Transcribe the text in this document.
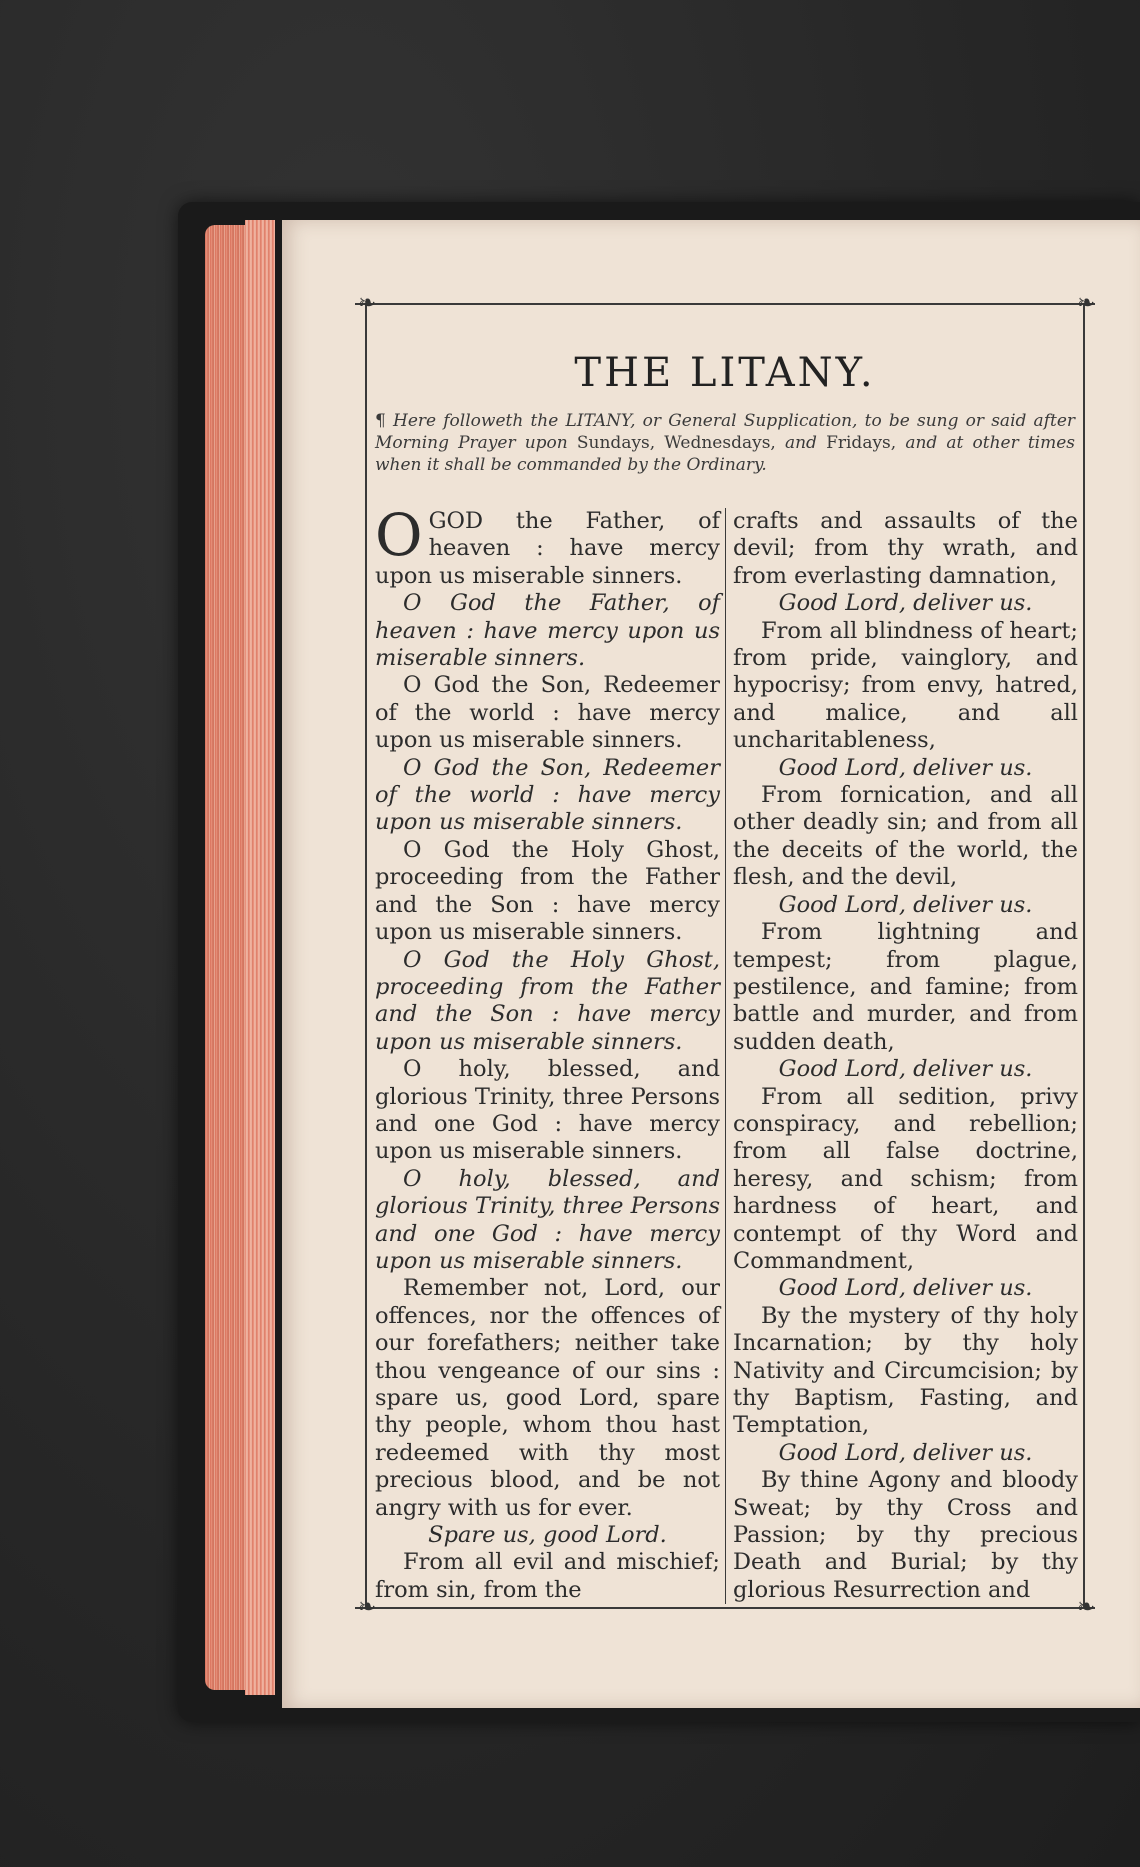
❧	❧
❧	❧
THE LITANY.
¶ Here followeth the LITANY, or General Supplication, to be sung or said after Morning Prayer upon Sundays, Wednesdays, and Fridays, and at other times when it shall be commanded by the Ordinary.

OGOD the Father, of heaven : have mercy upon us miserable sinners.

O God the Father, of heaven : have mercy upon us miserable sinners.

O God the Son, Redeemer of the world : have mercy upon us miserable sinners.

O God the Son, Redeemer of the world : have mercy upon us miserable sinners.

O God the Holy Ghost, proceeding from the Father and the Son : have mercy upon us miserable sinners.

O God the Holy Ghost, proceeding from the Father and the Son : have mercy upon us miserable sinners.

O holy, blessed, and glorious Trinity, three Persons and one God : have mercy upon us miserable sinners.

O holy, blessed, and glorious Trinity, three Persons and one God : have mercy upon us miserable sinners.

Remember not, Lord, our offences, nor the offences of our forefathers; neither take thou vengeance of our sins : spare us, good Lord, spare thy people, whom thou hast redeemed with thy most precious blood, and be not angry with us for ever.

Spare us, good Lord.

From all evil and mischief; from sin, from the

crafts and assaults of the devil; from thy wrath, and from everlasting damnation,

Good Lord, deliver us.

From all blindness of heart; from pride, vainglory, and hypocrisy; from envy, hatred, and malice, and all uncharitableness,

Good Lord, deliver us.

From fornication, and all other deadly sin; and from all the deceits of the world, the flesh, and the devil,

Good Lord, deliver us.

From lightning and tempest; from plague, pestilence, and famine; from battle and murder, and from sudden death,

Good Lord, deliver us.

From all sedition, privy conspiracy, and rebellion; from all false doctrine, heresy, and schism; from hardness of heart, and contempt of thy Word and Commandment,

Good Lord, deliver us.

By the mystery of thy holy Incarnation; by thy holy Nativity and Circumcision; by thy Baptism, Fasting, and Temptation,

Good Lord, deliver us.

By thine Agony and bloody Sweat; by thy Cross and Passion; by thy precious Death and Burial; by thy glorious Resurrection and
